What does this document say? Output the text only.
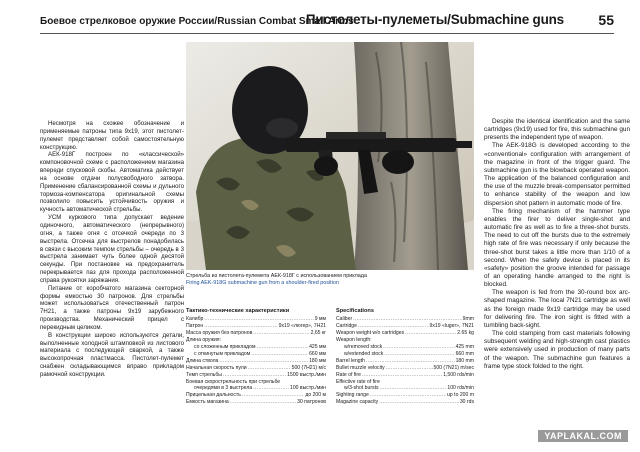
Боевое стрелковое оружие России/Russian Combat Small Arms
Пистолеты-пулеметы/Submachine guns 55

Несмотря на схожее обозначение и применяемые патроны типа 9х19, этот пистолет-пулемет представляет собой самостоятельную конструкцию.

АЕК-918Г построен по «классической» компоновочной схеме с расположением магазина впереди спусковой скобы. Автоматика действует на основе отдачи полусвободного затвора. Применение сбалансированной схемы и дульного тормоза-компенсатора оригинальной схемы позволило повысить устойчивость оружия и кучность автоматической стрельбы.

УСМ куркового типа допускает ведение одиночного, автоматического (непрерывного) огня, а также огня с отсечкой очереди по 3 выстрела. Отсечка для выстрелов понадобилась в связи с высоким темпом стрельбы – очередь в 3 выстрела занимает чуть более одной десятой секунды. При постановке на предохранитель перекрывается паз для прохода расположенной справа рукоятки заряжания.

Питание от коробчатого магазина секторной формы емкостью 30 патронов. Для стрельбы может использоваться отечественный патрон 7Н21, а также патроны 9х19 зарубежного производства. Механический прицел с перекидным целиком.

В конструкции широко используются детали, выполненные холодной штамповкой из листового материала с последующей сваркой, а также высокопрочная пластмасса. Пистолет-пулемет снабжен складывающимся вправо приkладом рамочной конструкции.

Стрельба из пистолета-пулемета АЕК-918Г с использованием приклада
Firing AEK-918G submachine gun from a shoulder-fired position
Тактико-технические характеристики
Калибр .....	9 мм
Патрон .....	9х19 «люгер», 7Н21
Масса оружия без патронов .....	2,65 кг
Длина оружия:
со сложенным прикладом .....	425 мм
с откинутым прикладом .....	660 мм
Длина ствола .....	180 мм
Начальная скорость пули .....	500 (7Н21) м/с
Темп стрельбы .....	1500 выстр./мин
Боевая скорострельность при стрельбе
очередями в 3 выстрела .....	100 выстр./мин
Прицельная дальность .....	до 200 м
Емкость магазина .....	30 патронов
Specifications
Caliber .....	9mm
Cartridge .....	9х19 «luger», 7N21
Weapon weight w/o cartridges .....	2.65 kg
Weapon length:
w/removed stock .....	425 mm
w/extended stock .....	660 mm
Barrel length .....	180 mm
Bullet muzzle velocity .....	500 (7N21) m/sec
Rate of fire .....	1,500 rds/min
Effective rate of fire
w/3-shot bursts .....	100 rds/min
Sighting range .....	up to 200 m
Magazine capacity .....	30 rds

Despite the identical identification and the same cartridges (9x19) used for fire, this submachine gun presents the independent type of weapon.

The AEK-918G is developed according to the «conventional» configuration with arrangement of the magazine in front of the trigger guard. The submachine gun is the blowback operated weapon. The application of the balanced configuration and the use of the muzzle break-compensator permitted to enhance stability of the weapon and low dispersion shot pattern in automatic mode of fire.

The firing mechanism of the hammer type enables the firer to deliver single-shot and automatic fire as well as to fire a three-shot bursts. The need to cut off the bursts due to the extremely high rate of fire was necessary if only because the three-shot burst takes a little more than 1/10 of a second. When the safety device is placed in its «safety» position the groove intended for passage of an operating handle arranged to the right is blocked.

The weapon is fed from the 30-round box arc-shaped magazine. The local 7N21 cartridge as well as the foreign made 9x19 cartridge may be used for delivering fire. The iron sight is fitted with a tumbling back-sight.

The cold stamping from cast materials following subsequent welding and high-strength cast plastics were extensively used in production of many parts of the weapon. The submachine gun features a frame type stock folded to the right.

YAPLAKAL.COM
